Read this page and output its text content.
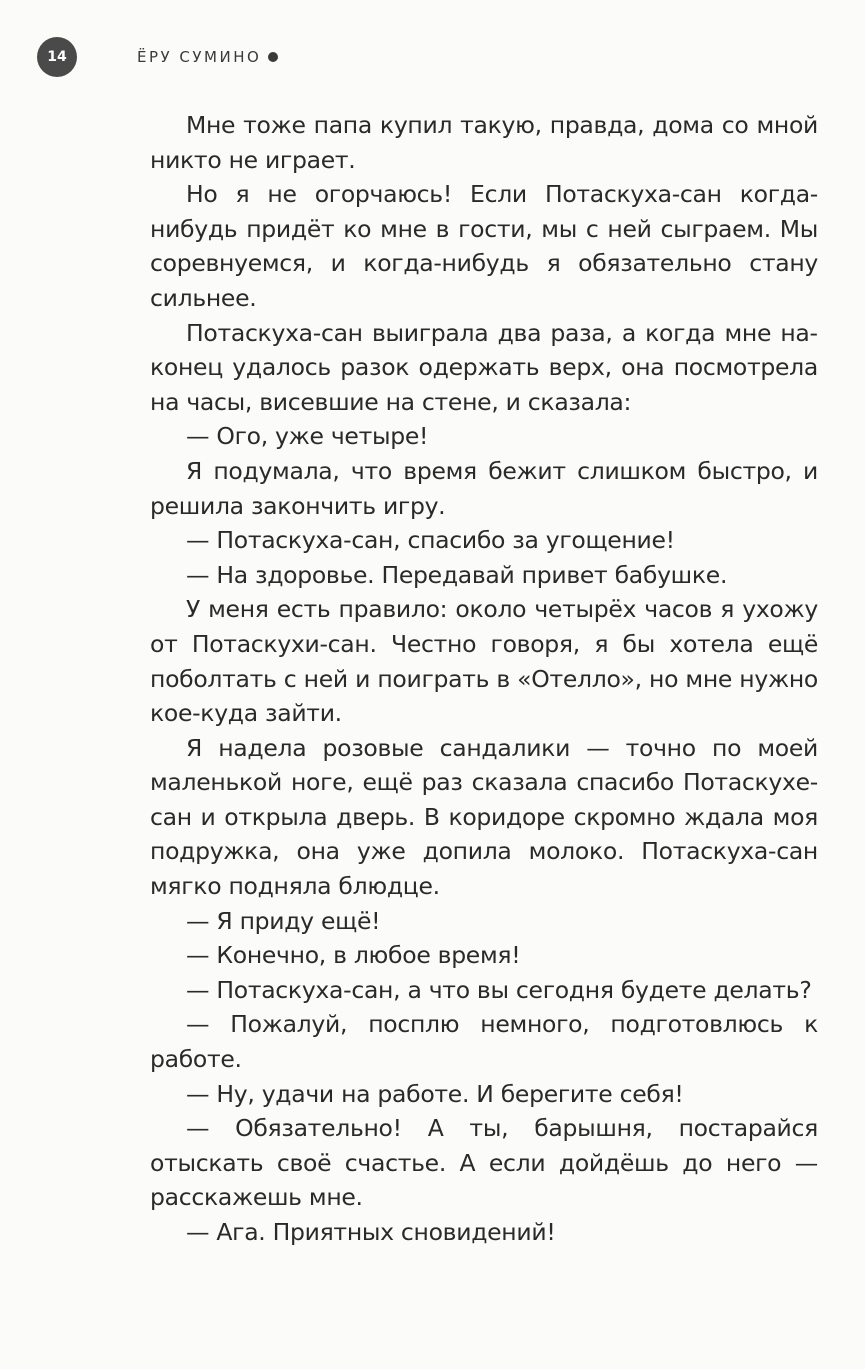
14	ЁРУ СУМИНО

Мне тоже папа купил такую, правда, дома со мной никто не играет.

Но я не огорчаюсь! Если Потаскуха-сан когда-нибудь придёт ко мне в гости, мы с ней сыграем. Мы соревнуемся, и когда-нибудь я обязательно стану сильнее.

Потаскуха-сан выиграла два раза, а когда мне наконец удалось разок одержать верх, она посмотрела на часы, висевшие на стене, и сказала:

— Ого, уже четыре!

Я подумала, что время бежит слишком быстро, и решила закончить игру.

— Потаскуха-сан, спасибо за угощение!

— На здоровье. Передавай привет бабушке.

У меня есть правило: около четырёх часов я ухожу от Потаскухи-сан. Честно говоря, я бы хотела ещё поболтать с ней и поиграть в «Отелло», но мне нужно кое-куда зайти.

Я надела розовые сандалики — точно по моей маленькой ноге, ещё раз сказала спасибо Потаскухе-сан и открыла дверь. В коридоре скромно ждала моя подружка, она уже допила молоко. Потаскуха-сан мягко подняла блюдце.

— Я приду ещё!

— Конечно, в любое время!

— Потаскуха-сан, а что вы сегодня будете делать?

— Пожалуй, посплю немного, подготовлюсь к работе.

— Ну, удачи на работе. И берегите себя!

— Обязательно! А ты, барышня, постарайся отыскать своё счастье. А если дойдёшь до него — расскажешь мне.

— Ага. Приятных сновидений!
